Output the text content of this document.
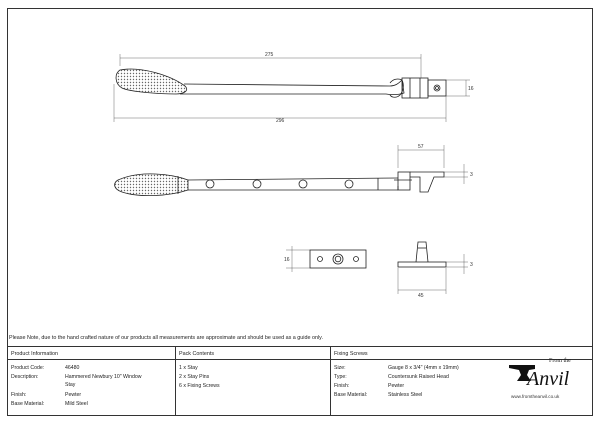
275
296
16
57
3
16
45
3
Please Note, due to the hand crafted nature of our products all measurements are approximate and should be used as a guide only.
Product Information
Product Code:	46480
Description:	Hammered Newbury 10" Window
Stay
Finish:	Pewter
Base Material:	Mild Steel
Pack Contents
1 x Stay
2 x Stay Pins
6 x Fixing Screws
Fixing Screws
Size:	Gauge 8 x 3/4" (4mm x 19mm)
Type:	Countersunk Raised Head
Finish:	Pewter
Base Material:	Stainless Steel
From the
Anvil
www.fromtheanvil.co.uk
